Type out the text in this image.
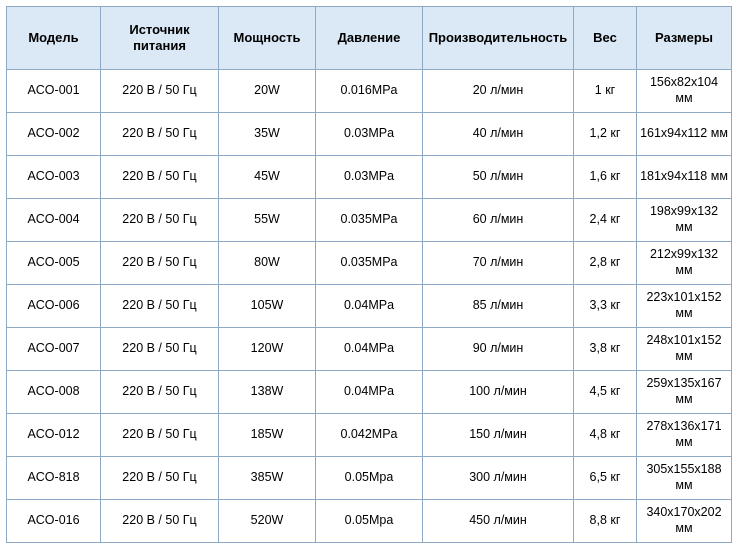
Модель	Источник питания	Мощность	Давление	Производительность	Вес	Размеры
ACO-001	220 В / 50 Гц	20W	0.016MPa	20 л/мин	1 кг	156x82x104 мм
ACO-002	220 В / 50 Гц	35W	0.03MPa	40 л/мин	1,2 кг	161x94x112 мм
ACO-003	220 В / 50 Гц	45W	0.03MPa	50 л/мин	1,6 кг	181x94x118 мм
ACO-004	220 В / 50 Гц	55W	0.035MPa	60 л/мин	2,4 кг	198x99x132 мм
ACO-005	220 В / 50 Гц	80W	0.035MPa	70 л/мин	2,8 кг	212x99x132 мм
ACO-006	220 В / 50 Гц	105W	0.04MPa	85 л/мин	3,3 кг	223x101x152 мм
ACO-007	220 В / 50 Гц	120W	0.04MPa	90 л/мин	3,8 кг	248x101x152 мм
ACO-008	220 В / 50 Гц	138W	0.04MPa	100 л/мин	4,5 кг	259x135x167 мм
ACO-012	220 В / 50 Гц	185W	0.042MPa	150 л/мин	4,8 кг	278x136x171 мм
ACO-818	220 В / 50 Гц	385W	0.05Mpa	300 л/мин	6,5 кг	305x155x188 мм
ACO-016	220 В / 50 Гц	520W	0.05Mpa	450 л/мин	8,8 кг	340x170x202 мм
